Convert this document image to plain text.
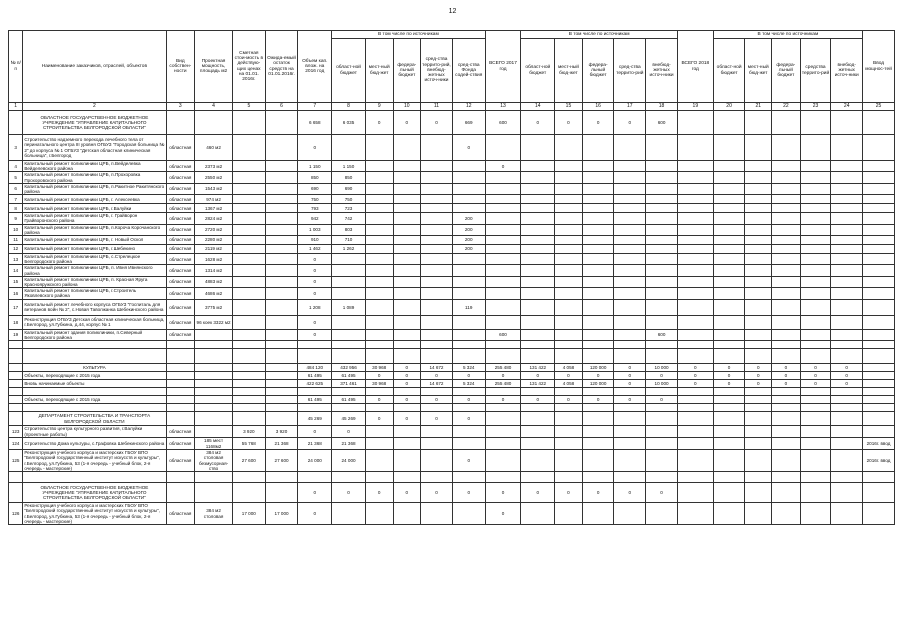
12
№ п/п	Наименование заказчиков, отраслей, объектов	Вид собствен-ности	Проектная мощность, площадь м2	Сметная стои-мость в действую-щих ценах на 01.01. 2016г.	Ожида-емый остаток средств на 01.01.2016г.	Объем кап. влож. на 2016 год	В том числе по источникам					ВСЕГО 2017 год	В том числе по источникам					ВСЕГО 2018 год	В том числе по источникам					Ввод мощнос-тей
							област-ной бюджет	мест-ный бюд-жет	федера-льный бюджет	сред-ства террито-рий, внебюд-жетных источ-ники	сред-ства Фонда содей-ствия		област-ной бюджет	мест-ный бюд-жет	федера-льный бюджет	сред-ства террито-рий	внебюд-жетных источ-ники		област-ной бюджет	мест-ный бюд-жет	федера-льный бюджет	средства террито-рий	внебюд-жетных источ-ники	
1	2	3	4	5	6	7	8	9	10	11	12	13	14	15	16	17	18	19	20	21	22	23	24	25
	ОБЛАСТНОЕ ГОСУДАРСТВЕННОЕ БЮДЖЕТНОЕ УЧРЕЖДЕНИЕ "УПРАВЛЕНИЕ КАПИТАЛЬНОГО СТРОИТЕЛЬСТВА БЕЛГОРОДСКОЙ ОБЛАСТИ"					6 658	6 035	0	0	0	669	600	0	0	0	0	600							
3	Строительство надземного перехода лечебного тела от перинатального центра III уровня ОГБУЗ "Городская больница № 2" до корпуса № 1 ОГБУЗ "Детская областная клиническая больница", г.Белгород	областная	460 м2			0					0													
4	Капитальный ремонт поликлиники ЦРБ, п.Вейделевка Вейделевского района	областная	2373 м2			1 150	1 150					0												
5	Капитальный ремонт поликлиники ЦРБ, п.Прохоровка Прохоровского района	областная	2550 м2			850	850																	
6	Капитальный ремонт поликлиники ЦРБ, п.Ракитное Ракитянского района	областная	1543 м2			690	690																	
7	Капитальный ремонт поликлиники ЦРБ, г. Алексеевка	областная	974 м2			750	750																	
8	Капитальный ремонт поликлиники ЦРБ, г.Валуйки	областная	1367 м2			793	723																	
9	Капитальный ремонт поликлиники ЦРБ, г. Грайворон Грайворонского района	областная	2824 м2			942	742				200													
10	Капитальный ремонт поликлиники ЦРБ, п.Короча Корочанского района	областная	2720 м2			1 003	803				200													
11	Капитальный ремонт поликлиники ЦРБ, г. Новый Оскол	областная	2280 м2			910	710				200													
12	Капитальный ремонт поликлиники ЦРБ, г.Шебекино	областная	2119 м2			1 462	1 262				200													
13	Капитальный ремонт поликлиники ЦРБ, с.Стрелецкое Белгородского района	областная	1628 м2			0																		
14	Капитальный ремонт поликлиники ЦРБ, п. Ивня Ивнянского района	областная	1314 м2			0																		
15	Капитальный ремонт поликлиники ЦРБ, п. Красная Яруга Краснояружского района	областная	4883 м2			0																		
16	Капитальный ремонт поликлиники ЦРБ, г.Строитель Яковлевского района	областная	4686 м2			0																		
17	Капитальный ремонт лечебного корпуса ОГБУЗ "Госпиталь для ветеранов войн № 2", с.Новая Таволжанка Шебекинского района	областная	3775 м2			1 208	1 089				119													
18	Реконструкция ОГБУЗ Детская областная клиническая больница, г.Белгород, ул.Губкина, д.44, корпус № 1	областная	96 коек 3322 м2			0																		
19	Капитальный ремонт здания поликлиники, п.Северный Белгородского района	областная				0						600					600							

	КУЛЬТУРА					484 120	432 956	30 968	0	14 672	5 324	255 480	131 422	4 058	120 000	0	10 000	0	0	0	0	0	0	
	Объекты, переходящие с 2015 года					61 495	61 495	0	0	0	0	0	0	0	0	0	0	0	0	0	0	0	0	
	Вновь начинаемые объекты					422 625	371 461	30 968	0	14 672	5 324	255 480	131 422	4 058	120 000	0	10 000	0	0	0	0	0	0	

	Объекты, переходящие с 2015 года					61 495	61 495	0	0	0	0	0	0	0	0	0	0							

	ДЕПАРТАМЕНТ СТРОИТЕЛЬСТВА И ТРАНСПОРТА БЕЛГОРОДСКОЙ ОБЛАСТИ					45 269	45 269	0	0	0	0													
123	Строительство центра культурного развития, г.Валуйки (проектные работы)	областная		3 920	3 920	0	0																	
124	Строительство Дома культуры, с.Графовка Шебекинского района	областная	185 мест 1168м2	55 768	21 368	21 368	21 368																	2016г. ввод
125	Реконструкция учебного корпуса и мастерских ГБОУ ВПО "Белгородский государственный институт искусств и культуры", г.Белгород, ул.Губкина, 53 (1-я очередь - учебный блок, 2-я очередь - мастерские)	областная	384 м2 столовая безмусорная-ство	27 600	27 600	24 000	24 000				0													2016г. ввод

	ОБЛАСТНОЕ ГОСУДАРСТВЕННОЕ БЮДЖЕТНОЕ УЧРЕЖДЕНИЕ "УПРАВЛЕНИЕ КАПИТАЛЬНОГО СТРОИТЕЛЬСТВА БЕЛГОРОДСКОЙ ОБЛАСТИ"					0	0	0	0	0	0	0	0	0	0	0	0							
126	Реконструкция учебного корпуса и мастерских ГБОУ ВПО "Белгородский государственный институт искусств и культуры", г.Белгород, ул.Губкина, 53 (1-я очередь - учебный блок, 2-я очередь - мастерские)	областная	384 м2 столовая	17 000	17 000	0						0												
